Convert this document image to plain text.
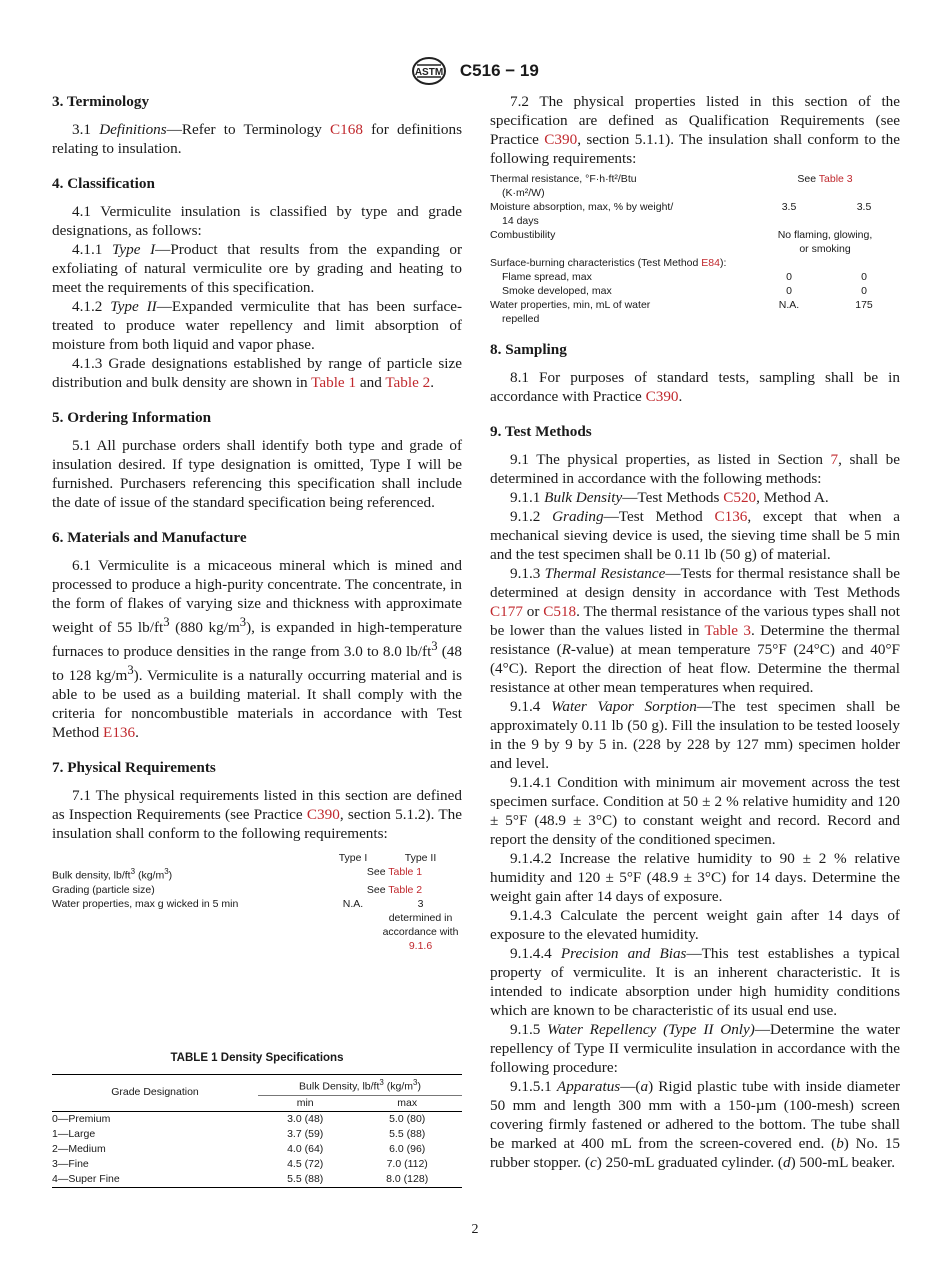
ASTM C516 − 19
3. Terminology

3.1 Definitions—Refer to Terminology C168 for definitions relating to insulation.

4. Classification

4.1 Vermiculite insulation is classified by type and grade designations, as follows:

4.1.1 Type I—Product that results from the expanding or exfoliating of natural vermiculite ore by grading and heating to meet the requirements of this specification.

4.1.2 Type II—Expanded vermiculite that has been surface-treated to produce water repellency and limit absorption of moisture from both liquid and vapor phase.

4.1.3 Grade designations established by range of particle size distribution and bulk density are shown in Table 1 and Table 2.

5. Ordering Information

5.1 All purchase orders shall identify both type and grade of insulation desired. If type designation is omitted, Type I will be furnished. Purchasers referencing this specification shall include the date of issue of the standard specification being referenced.

6. Materials and Manufacture

6.1 Vermiculite is a micaceous mineral which is mined and processed to produce a high-purity concentrate. The concentrate, in the form of flakes of varying size and thickness with approximate weight of 55 $lb/ft^3$ (880 $kg/m^3$), is expanded in high-temperature furnaces to produce densities in the range from 3.0 to 8.0 $lb/ft^3$ (48 to 128 $kg/m^3$). Vermiculite is a naturally occurring material and is able to be used as a building material. It shall comply with the criteria for noncombustible materials in accordance with Test Method E136.

7. Physical Requirements

7.1 The physical requirements listed in this section are defined as Inspection Requirements (see Practice C390, section 5.1.2). The insulation shall conform to the following requirements:

	Type I	Type II
Bulk density, $lb/ft^3$ $(kg/m^3)$	See Table 1	
Grading (particle size)	See Table 2	
Water properties, max g wicked in 5 min	N.A.	3
		determined in accordance with 9.1.6
TABLE 1 Density Specifications
Grade Designation	Bulk Density, $lb/ft^3$ $(kg/m^3)$	
	min	max
0—Premium	3.0 (48)	5.0 (80)
1—Large	3.7 (59)	5.5 (88)
2—Medium	4.0 (64)	6.0 (96)
3—Fine	4.5 (72)	7.0 (112)
4—Super Fine	5.5 (88)	8.0 (128)

7.2 The physical properties listed in this section of the specification are defined as Qualification Requirements (see Practice C390, section 5.1.1). The insulation shall conform to the following requirements:

Thermal resistance, °F·h·ft²/Btu	See Table 3	
(K·m²/W)		
Moisture absorption, max, % by weight/	3.5	3.5
14 days		
Combustibility	No flaming, glowing,	
	or smoking	
Surface-burning characteristics (Test Method E84):		
Flame spread, max	0	0
Smoke developed, max	0	0
Water properties, min, mL of water	N.A.	175
repelled		
8. Sampling

8.1 For purposes of standard tests, sampling shall be in accordance with Practice C390.

9. Test Methods

9.1 The physical properties, as listed in Section 7, shall be determined in accordance with the following methods:

9.1.1 Bulk Density—Test Methods C520, Method A.

9.1.2 Grading—Test Method C136, except that when a mechanical sieving device is used, the sieving time shall be 5 min and the test specimen shall be 0.11 lb (50 g) of material.

9.1.3 Thermal Resistance—Tests for thermal resistance shall be determined at design density in accordance with Test Methods C177 or C518. The thermal resistance of the various types shall not be lower than the values listed in Table 3. Determine the thermal resistance (R-value) at mean temperature 75°F (24°C) and 40°F (4°C). Report the direction of heat flow. Determine the thermal resistance at other mean temperatures when required.

9.1.4 Water Vapor Sorption—The test specimen shall be approximately 0.11 lb (50 g). Fill the insulation to be tested loosely in the 9 by 9 by 5 in. (228 by 228 by 127 mm) specimen holder and level.

9.1.4.1 Condition with minimum air movement across the test specimen surface. Condition at 50 ± 2 % relative humidity and 120 ± 5°F (48.9 ± 3°C) to constant weight and record. Record and report the density of the conditioned specimen.

9.1.4.2 Increase the relative humidity to 90 ± 2 % relative humidity and 120 ± 5°F (48.9 ± 3°C) for 14 days. Determine the weight gain after 14 days of exposure.

9.1.4.3 Calculate the percent weight gain after 14 days of exposure to the elevated humidity.

9.1.4.4 Precision and Bias—This test establishes a typical property of vermiculite. It is an inherent characteristic. It is intended to indicate absorption under high humidity conditions which are known to be characteristic of its usual end use.

9.1.5 Water Repellency (Type II Only)—Determine the water repellency of Type II vermiculite insulation in accordance with the following procedure:

9.1.5.1 Apparatus—(a) Rigid plastic tube with inside diameter 50 mm and length 300 mm with a 150-µm (100-mesh) screen covering firmly fastened or adhered to the bottom. The tube shall be marked at 400 mL from the screen-covered end. (b) No. 15 rubber stopper. (c) 250-mL graduated cylinder. (d) 500-mL beaker.

2
